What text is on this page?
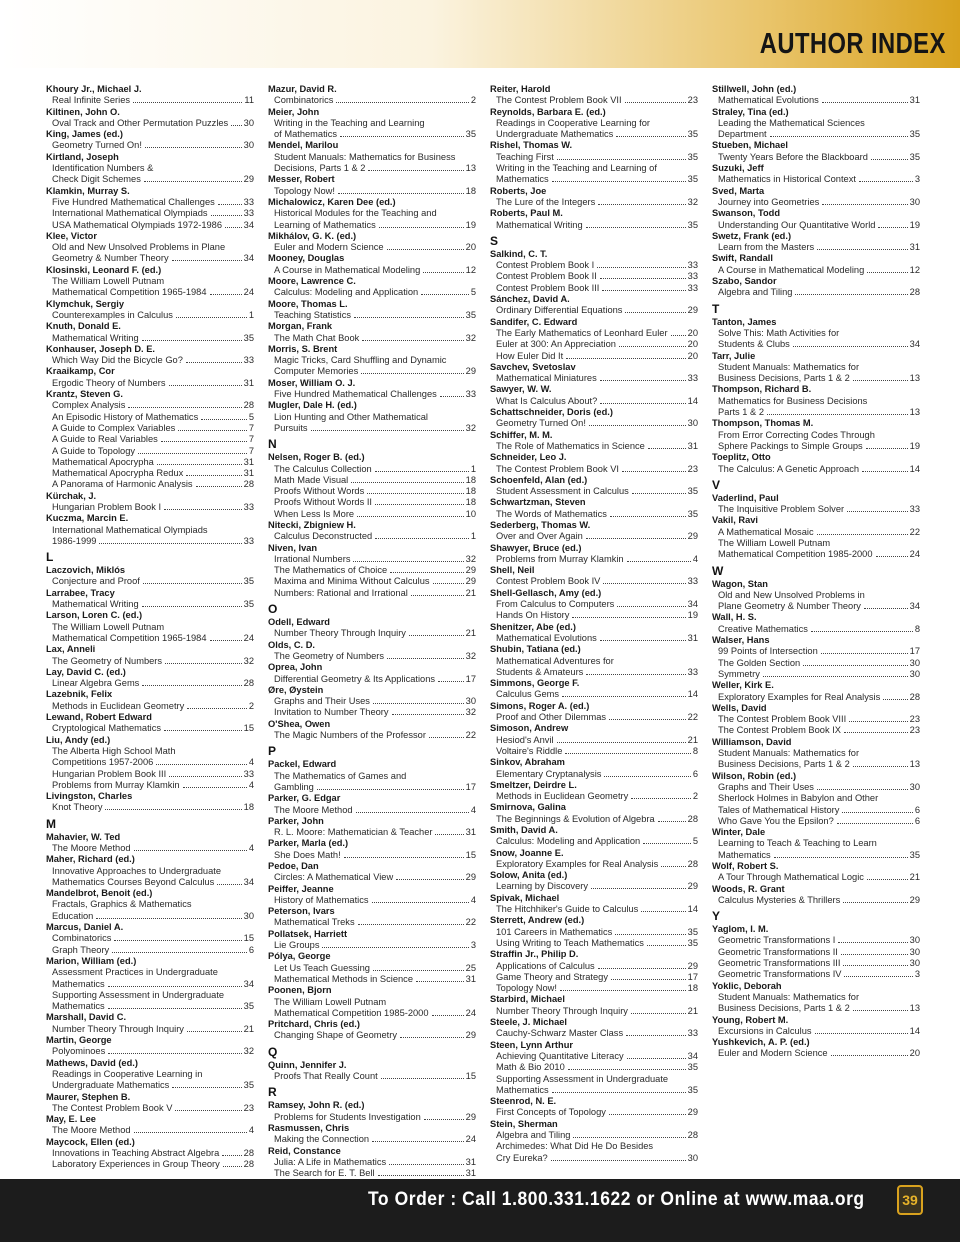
AUTHOR INDEX
Khoury Jr., Michael J.
Real Infinite Series	11
Kiltinen, John O.
Oval Track and Other Permutation Puzzles 30
King, James (ed.)
Geometry Turned On!	30
Kirtland, Joseph
Identification Numbers &
Check Digit Schemes	29
Klamkin, Murray S.
Five Hundred Mathematical Challenges	33
International Mathematical Olympiads	33
USA Mathematical Olympiads 1972-1986 34
Klee, Victor
Old and New Unsolved Problems in Plane
Geometry & Number Theory	34
Klosinski, Leonard F. (ed.)
The William Lowell Putnam
Mathematical Competition 1965-1984	24
Klymchuk, Sergiy
Counterexamples in Calculus	1
Knuth, Donald E.
Mathematical Writing	35
Konhauser, Joseph D. E.
Which Way Did the Bicycle Go?	33
Kraaikamp, Cor
Ergodic Theory of Numbers	31
Krantz, Steven G.
Complex Analysis	28
An Episodic History of Mathematics	5
A Guide to Complex Variables	7
A Guide to Real Variables	7
A Guide to Topology	7
Mathematical Apocrypha	31
Mathematical Apocrypha Redux	31
A Panorama of Harmonic Analysis	28
Kürchak, J.
Hungarian Problem Book I	33
Kuczma, Marcin E.
International Mathematical Olympiads
1986-1999	33
L
Laczovich, Miklós
Conjecture and Proof	35
Larrabee, Tracy
Mathematical Writing	35
Larson, Loren C. (ed.)
The William Lowell Putnam
Mathematical Competition 1965-1984	24
Lax, Anneli
The Geometry of Numbers	32
Lay, David C. (ed.)
Linear Algebra Gems	28
Lazebnik, Felix
Methods in Euclidean Geometry	2
Lewand, Robert Edward
Cryptological Mathematics	15
Liu, Andy (ed.)
The Alberta High School Math
Competitions 1957-2006	4
Hungarian Problem Book III	33
Problems from Murray Klamkin	4
Livingston, Charles
Knot Theory	18
M
Mahavier, W. Ted
The Moore Method	4
Maher, Richard (ed.)
Innovative Approaches to Undergraduate
Mathematics Courses Beyond Calculus	34
Mandelbrot, Benoit (ed.)
Fractals, Graphics & Mathematics
Education	30
Marcus, Daniel A.
Combinatorics	15
Graph Theory	6
Marion, William (ed.)
Assessment Practices in Undergraduate
Mathematics	34
Supporting Assessment in Undergraduate
Mathematics	35
Marshall, David C.
Number Theory Through Inquiry	21
Martin, George
Polyominoes	32
Mathews, David (ed.)
Readings in Cooperative Learning in
Undergraduate Mathematics	35
Maurer, Stephen B.
The Contest Problem Book V	23
May, E. Lee
The Moore Method	4
Maycock, Ellen (ed.)
Innovations in Teaching Abstract Algebra	28
Laboratory Experiences in Group Theory	28
Mazur, David R.
Combinatorics	2
Meier, John
Writing in the Teaching and Learning
of Mathematics	35
Mendel, Marilou
Student Manuals: Mathematics for Business
Decisions, Parts 1 & 2	13
Messer, Robert
Topology Now!	18
Michalowicz, Karen Dee (ed.)
Historical Modules for the Teaching and
Learning of Mathematics	19
Mikhálov, G. K. (ed.)
Euler and Modern Science	20
Mooney, Douglas
A Course in Mathematical Modeling	12
Moore, Lawrence C.
Calculus: Modeling and Application	5
Moore, Thomas L.
Teaching Statistics	35
Morgan, Frank
The Math Chat Book	32
Morris, S. Brent
Magic Tricks, Card Shuffling and Dynamic
Computer Memories	29
Moser, William O. J.
Five Hundred Mathematical Challenges	33
Mugler, Dale H. (ed.)
Lion Hunting and Other Mathematical
Pursuits	32
N
Nelsen, Roger B. (ed.)
The Calculus Collection	1
Math Made Visual	18
Proofs Without Words	18
Proofs Without Words II	18
When Less Is More	10
Nitecki, Zbigniew H.
Calculus Deconstructed	1
Niven, Ivan
Irrational Numbers	32
The Mathematics of Choice	29
Maxima and Minima Without Calculus	29
Numbers: Rational and Irrational	21
O
Odell, Edward
Number Theory Through Inquiry	21
Olds, C. D.
The Geometry of Numbers	32
Oprea, John
Differential Geometry & Its Applications	17
Øre, Øystein
Graphs and Their Uses	30
Invitation to Number Theory	32
O'Shea, Owen
The Magic Numbers of the Professor	22
P
Packel, Edward
The Mathematics of Games and
Gambling	17
Parker, G. Edgar
The Moore Method	4
Parker, John
R. L. Moore: Mathematician & Teacher	31
Parker, Marla (ed.)
She Does Math!	15
Pedoe, Dan
Circles: A Mathematical View	29
Peiffer, Jeanne
History of Mathematics	4
Peterson, Ivars
Mathematical Treks	22
Pollatsek, Harriett
Lie Groups	3
Pólya, George
Let Us Teach Guessing	25
Mathematical Methods in Science	31
Poonen, Bjorn
The William Lowell Putnam
Mathematical Competition 1985-2000	24
Pritchard, Chris (ed.)
Changing Shape of Geometry	29
Q
Quinn, Jennifer J.
Proofs That Really Count	15
R
Ramsey, John R. (ed.)
Problems for Students Investigation	29
Rasmussen, Chris
Making the Connection	24
Reid, Constance
Julia: A Life in Mathematics	31
The Search for E. T. Bell	31
Reiter, Harold
The Contest Problem Book VII	23
Reynolds, Barbara E. (ed.)
Readings in Cooperative Learning for
Undergraduate Mathematics	35
Rishel, Thomas W.
Teaching First	35
Writing in the Teaching and Learning of
Mathematics	35
Roberts, Joe
The Lure of the Integers	32
Roberts, Paul M.
Mathematical Writing	35
S
Salkind, C. T.
Contest Problem Book I	33
Contest Problem Book II	33
Contest Problem Book III	33
Sánchez, David A.
Ordinary Differential Equations	29
Sandifer, C. Edward
The Early Mathematics of Leonhard Euler 20
Euler at 300: An Appreciation	20
How Euler Did It	20
Savchev, Svetoslav
Mathematical Miniatures	33
Sawyer, W. W.
What Is Calculus About?	14
Schattschneider, Doris (ed.)
Geometry Turned On!	30
Schiffer, M. M.
The Role of Mathematics in Science	31
Schneider, Leo J.
The Contest Problem Book VI	23
Schoenfeld, Alan (ed.)
Student Assessment in Calculus	35
Schwartzman, Steven
The Words of Mathematics	35
Sederberg, Thomas W.
Over and Over Again	29
Shawyer, Bruce (ed.)
Problems from Murray Klamkin	4
Shell, Neil
Contest Problem Book IV	33
Shell-Gellasch, Amy (ed.)
From Calculus to Computers	34
Hands On History	19
Shenitzer, Abe (ed.)
Mathematical Evolutions	31
Shubin, Tatiana (ed.)
Mathematical Adventures for
Students & Amateurs	33
Simmons, George F.
Calculus Gems	14
Simons, Roger A. (ed.)
Proof and Other Dilemmas	22
Simoson, Andrew
Hesiod's Anvil	21
Voltaire's Riddle	8
Sinkov, Abraham
Elementary Cryptanalysis	6
Smeltzer, Deirdre L.
Methods in Euclidean Geometry	2
Smirnova, Galina
The Beginnings & Evolution of Algebra	28
Smith, David A.
Calculus: Modeling and Application	5
Snow, Joanne E.
Exploratory Examples for Real Analysis	28
Solow, Anita (ed.)
Learning by Discovery	29
Spivak, Michael
The Hitchhiker's Guide to Calculus	14
Sterrett, Andrew (ed.)
101 Careers in Mathematics	35
Using Writing to Teach Mathematics	35
Straffin Jr., Philip D.
Applications of Calculus	29
Game Theory and Strategy	17
Topology Now!	18
Starbird, Michael
Number Theory Through Inquiry	21
Steele, J. Michael
Cauchy-Schwarz Master Class	33
Steen, Lynn Arthur
Achieving Quantitative Literacy	34
Math & Bio 2010	35
Supporting Assessment in Undergraduate
Mathematics	35
Steenrod, N. E.
First Concepts of Topology	29
Stein, Sherman
Algebra and Tiling	28
Archimedes: What Did He Do Besides
Cry Eureka?	30
Stillwell, John (ed.)
Mathematical Evolutions	31
Straley, Tina (ed.)
Leading the Mathematical Sciences
Department	35
Stueben, Michael
Twenty Years Before the Blackboard	35
Suzuki, Jeff
Mathematics in Historical Context	3
Sved, Marta
Journey into Geometries	30
Swanson, Todd
Understanding Our Quantitative World	19
Swetz, Frank (ed.)
Learn from the Masters	31
Swift, Randall
A Course in Mathematical Modeling	12
Szabo, Sandor
Algebra and Tiling	28
T
Tanton, James
Solve This: Math Activities for
Students & Clubs	34
Tarr, Julie
Student Manuals: Mathematics for
Business Decisions, Parts 1 & 2	13
Thompson, Richard B.
Mathematics for Business Decisions
Parts 1 & 2	13
Thompson, Thomas M.
From Error Correcting Codes Through
Sphere Packings to Simple Groups	19
Toeplitz, Otto
The Calculus: A Genetic Approach	14
V
Vaderlind, Paul
The Inquisitive Problem Solver	33
Vakil, Ravi
A Mathematical Mosaic	22
The William Lowell Putnam
Mathematical Competition 1985-2000	24
W
Wagon, Stan
Old and New Unsolved Problems in
Plane Geometry & Number Theory	34
Wall, H. S.
Creative Mathematics	8
Walser, Hans
99 Points of Intersection	17
The Golden Section	30
Symmetry	30
Weller, Kirk E.
Exploratory Examples for Real Analysis	28
Wells, David
The Contest Problem Book VIII	23
The Contest Problem Book IX	23
Williamson, David
Student Manuals: Mathematics for
Business Decisions, Parts 1 & 2	13
Wilson, Robin (ed.)
Graphs and Their Uses	30
Sherlock Holmes in Babylon and Other
Tales of Mathematical History	6
Who Gave You the Epsilon?	6
Winter, Dale
Learning to Teach & Teaching to Learn
Mathematics	35
Wolf, Robert S.
A Tour Through Mathematical Logic	21
Woods, R. Grant
Calculus Mysteries & Thrillers	29
Y
Yaglom, I. M.
Geometric Transformations I	30
Geometric Transformations II	30
Geometric Transformations III	30
Geometric Transformations IV	3
Yoklic, Deborah
Student Manuals: Mathematics for
Business Decisions, Parts 1 & 2	13
Young, Robert M.
Excursions in Calculus	14
Yushkevich, A. P. (ed.)
Euler and Modern Science	20
To Order : Call 1.800.331.1622 or Online at www.maa.org	39
